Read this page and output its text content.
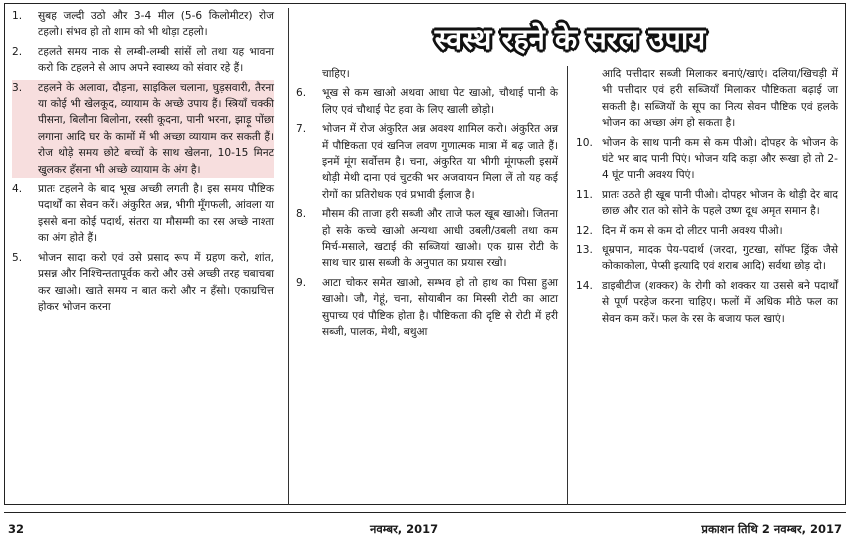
स्वस्थ रहने के सरल उपाय
1.	सुबह जल्दी उठो और 3-4 मील (5-6 किलोमीटर) रोज टहलो। संभव हो तो शाम को भी थोड़ा टहलो।
2.	टहलते समय नाक से लम्बी-लम्बी सांसें लो तथा यह भावना करो कि टहलने से आप अपने स्वास्थ्य को संवार रहे हैं।
3.	टहलने के अलावा, दौड़ना, साइकिल चलाना, घुड़सवारी, तैरना या कोई भी खेलकूद, व्यायाम के अच्छे उपाय हैं। स्त्रियाँ चक्की पीसना, बिलौना बिलोना, रस्सी कूदना, पानी भरना, झाड़ू पोंछा लगाना आदि घर के कामों में भी अच्छा व्यायाम कर सकती हैं। रोज थोड़े समय छोटे बच्चों के साथ खेलना, 10-15 मिनट खुलकर हँसना भी अच्छे व्यायाम के अंग है।
4.	प्रातः टहलने के बाद भूख अच्छी लगती है। इस समय पौष्टिक पदार्थों का सेवन करें। अंकुरित अन्न, भीगी मूँगफली, आंवला या इससे बना कोई पदार्थ, संतरा या मौसम्मी का रस अच्छे नाश्ता का अंग होते हैं।
5.	भोजन सादा करो एवं उसे प्रसाद रूप में ग्रहण करो, शांत, प्रसन्न और निश्चिन्ततापूर्वक करो और उसे अच्छी तरह चबाचबा कर खाओ। खाते समय न बात करो और न हँसो। एकाग्रचित्त होकर भोजन करना
चाहिए।
6.	भूख से कम खाओ अथवा आधा पेट खाओ, चौथाई पानी के लिए एवं चौथाई पेट हवा के लिए खाली छोड़ो।
7.	भोजन में रोज अंकुरित अन्न अवश्य शामिल करो। अंकुरित अन्न में पौष्टिकता एवं खनिज लवण गुणात्मक मात्रा में बढ़ जाते हैं। इनमें मूंग सर्वोत्तम है। चना, अंकुरित या भीगी मूंगफली इसमें थोड़ी मेथी दाना एवं चुटकी भर अजवायन मिला लें तो यह कई रोगों का प्रतिरोधक एवं प्रभावी ईलाज है।
8.	मौसम की ताजा हरी सब्जी और ताजे फल खूब खाओ। जितना हो सके कच्चे खाओ अन्यथा आधी उबली/उबली तथा कम मिर्च-मसाले, खटाई की सब्जियां खाओ। एक ग्रास रोटी के साथ चार ग्रास सब्जी के अनुपात का प्रयास रखो।
9.	आटा चोकर समेत खाओ, सम्भव हो तो हाथ का पिसा हुआ खाओ। जौ, गेहूं, चना, सोयाबीन का मिस्सी रोटी का आटा सुपाच्य एवं पौष्टिक होता है। पौष्टिकता की दृष्टि से रोटी में हरी सब्जी, पालक, मेथी, बथुआ
आदि पत्तीदार सब्जी मिलाकर बनाएं/खाएं। दलिया/खिचड़ी में भी पत्तीदार एवं हरी सब्जियाँ मिलाकर पौष्टिकता बढ़ाई जा सकती है। सब्जियों के सूप का नित्य सेवन पौष्टिक एवं हलके भोजन का अच्छा अंग हो सकता है।
10. भोजन के साथ पानी कम से कम पीओ। दोपहर के भोजन के घंटे भर बाद पानी पिएं। भोजन यदि कड़ा और रूखा हो तो 2-4 घूंट पानी अवश्य पिएं।
11. प्रातः उठते ही खूब पानी पीओ। दोपहर भोजन के थोड़ी देर बाद छाछ और रात को सोने के पहले उष्ण दूध अमृत समान है।
12. दिन में कम से कम दो लीटर पानी अवश्य पीओ।
13. धूम्रपान, मादक पेय-पदार्थ (जरदा, गुटखा, सॉफ्ट ड्रिंक जैसे कोकाकोला, पेप्सी इत्यादि एवं शराब आदि) सर्वथा छोड़ दो।
14. डाइबीटीज (शक्कर) के रोगी को शक्कर या उससे बने पदार्थों से पूर्ण परहेज करना चाहिए। फलों में अधिक मीठे फल का सेवन कम करें। फल के रस के बजाय फल खाएं।
32	नवम्बर, 2017	प्रकाशन तिथि 2 नवम्बर, 2017
